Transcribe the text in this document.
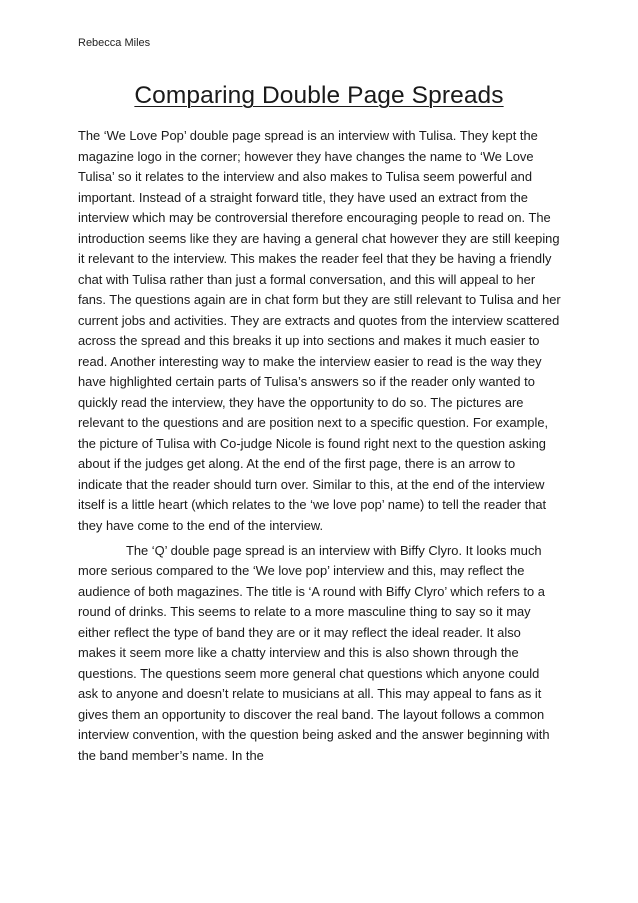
Rebecca Miles
Comparing Double Page Spreads

The ‘We Love Pop’ double page spread is an interview with Tulisa. They kept the magazine logo in the corner; however they have changes the name to ‘We Love Tulisa’ so it relates to the interview and also makes to Tulisa seem powerful and important. Instead of a straight forward title, they have used an extract from the interview which may be controversial therefore encouraging people to read on. The introduction seems like they are having a general chat however they are still keeping it relevant to the interview. This makes the reader feel that they be having a friendly chat with Tulisa rather than just a formal conversation, and this will appeal to her fans. The questions again are in chat form but they are still relevant to Tulisa and her current jobs and activities. They are extracts and quotes from the interview scattered across the spread and this breaks it up into sections and makes it much easier to read. Another interesting way to make the interview easier to read is the way they have highlighted certain parts of Tulisa’s answers so if the reader only wanted to quickly read the interview, they have the opportunity to do so. The pictures are relevant to the questions and are position next to a specific question. For example, the picture of Tulisa with Co-judge Nicole is found right next to the question asking about if the judges get along. At the end of the first page, there is an arrow to indicate that the reader should turn over. Similar to this, at the end of the interview itself is a little heart (which relates to the ‘we love pop’ name) to tell the reader that they have come to the end of the interview.

The ‘Q’ double page spread is an interview with Biffy Clyro. It looks much more serious compared to the ‘We love pop’ interview and this, may reflect the audience of both magazines. The title is ‘A round with Biffy Clyro’ which refers to a round of drinks. This seems to relate to a more masculine thing to say so it may either reflect the type of band they are or it may reflect the ideal reader. It also makes it seem more like a chatty interview and this is also shown through the questions. The questions seem more general chat questions which anyone could ask to anyone and doesn’t relate to musicians at all. This may appeal to fans as it gives them an opportunity to discover the real band. The layout follows a common interview convention, with the question being asked and the answer beginning with the band member’s name. In the
